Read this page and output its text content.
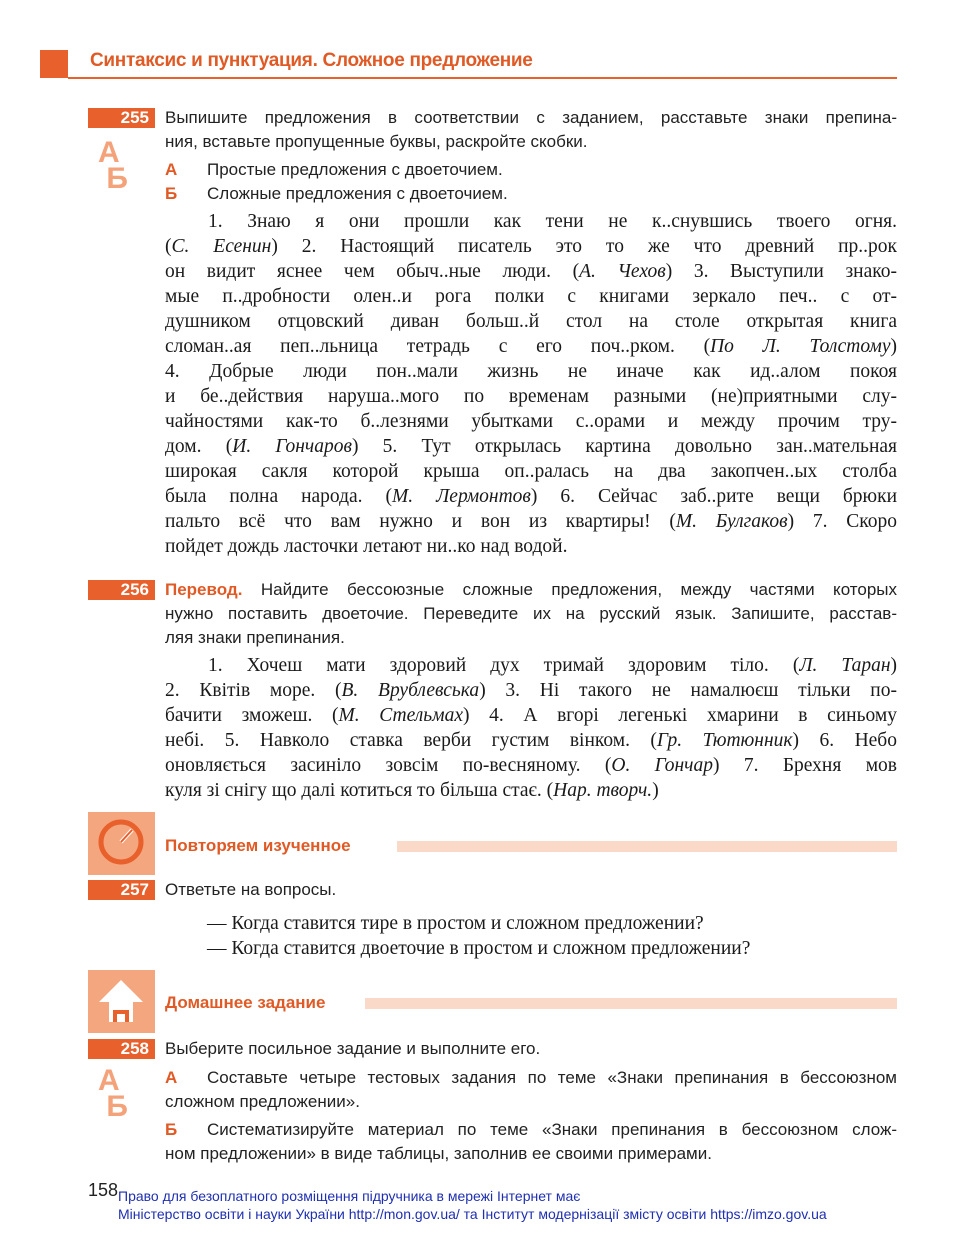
Синтаксис и пунктуация. Сложное предложение
255
A
Б
Выпишите предложения в соответствии с заданием, расставьте знаки препина-
ния, вставьте пропущенные буквы, раскройте скобки.
А Простые предложения с двоеточием.
Б Сложные предложения с двоеточием.
1. Знаю я они прошли как тени не к..снувшись твоего огня.
(С. Есенин) 2. Настоящий писатель это то же что древний пр..рок
он видит яснее чем обыч..ные люди. (А. Чехов) 3. Выступили знако-
мые п..дробности олен..и рога полки с книгами зеркало печ.. с от-
душником отцовский диван больш..й стол на столе открытая книга
сломан..ая пеп..льница тетрадь с его поч..рком. (По Л. Толстому)
4. Добрые люди пон..мали жизнь не иначе как ид..алом покоя
и бе..действия наруша..мого по временам разными (не)приятными слу-
чайностями как-то б..лезнями убытками с..орами и между прочим тру-
дом. (И. Гончаров) 5. Тут открылась картина довольно зан..мательная
широкая сакля которой крыша оп..ралась на два закопчен..ых столба
была полна народа. (М. Лермонтов) 6. Сейчас заб..рите вещи брюки
пальто всё что вам нужно и вон из квартиры! (М. Булгаков) 7. Скоро
пойдет дождь ласточки летают ни..ко над водой.
256 Перевод. Найдите бессоюзные сложные предложения, между частями которых
нужно поставить двоеточие. Переведите их на русский язык. Запишите, расстав-
ляя знаки препинания.
1. Хочеш мати здоровий дух тримай здоровим тіло. (Л. Таран)
2. Квітів море. (В. Врублевська) 3. Ні такого не намалюєш тільки по-
бачити зможеш. (М. Стельмах) 4. А вгорі легенькі хмарини в синьому
небі. 5. Навколо ставка верби густим вінком. (Гр. Тютюнник) 6. Небо
оновляється засиніло зовсім по-весняному. (О. Гончар) 7. Брехня мов
куля зі снігу що далі котиться то більша стає. (Нар. творч.)
Повторяем изученное
257 Ответьте на вопросы.
— Когда ставится тире в простом и сложном предложении?
— Когда ставится двоеточие в простом и сложном предложении?
Домашнее задание
258
A
Б
Выберите посильное задание и выполните его.
А Составьте четыре тестовых задания по теме «Знаки препинания в бессоюзном
сложном предложении».
Б Систематизируйте материал по теме «Знаки препинания в бессоюзном слож-
ном предложении» в виде таблицы, заполнив ее своими примерами.
158 Право для безоплатного розміщення підручника в мережі Інтернет має
Міністерство освіти і науки України http://mon.gov.ua/ та Інститут модернізації змісту освіти https://imzo.gov.ua
